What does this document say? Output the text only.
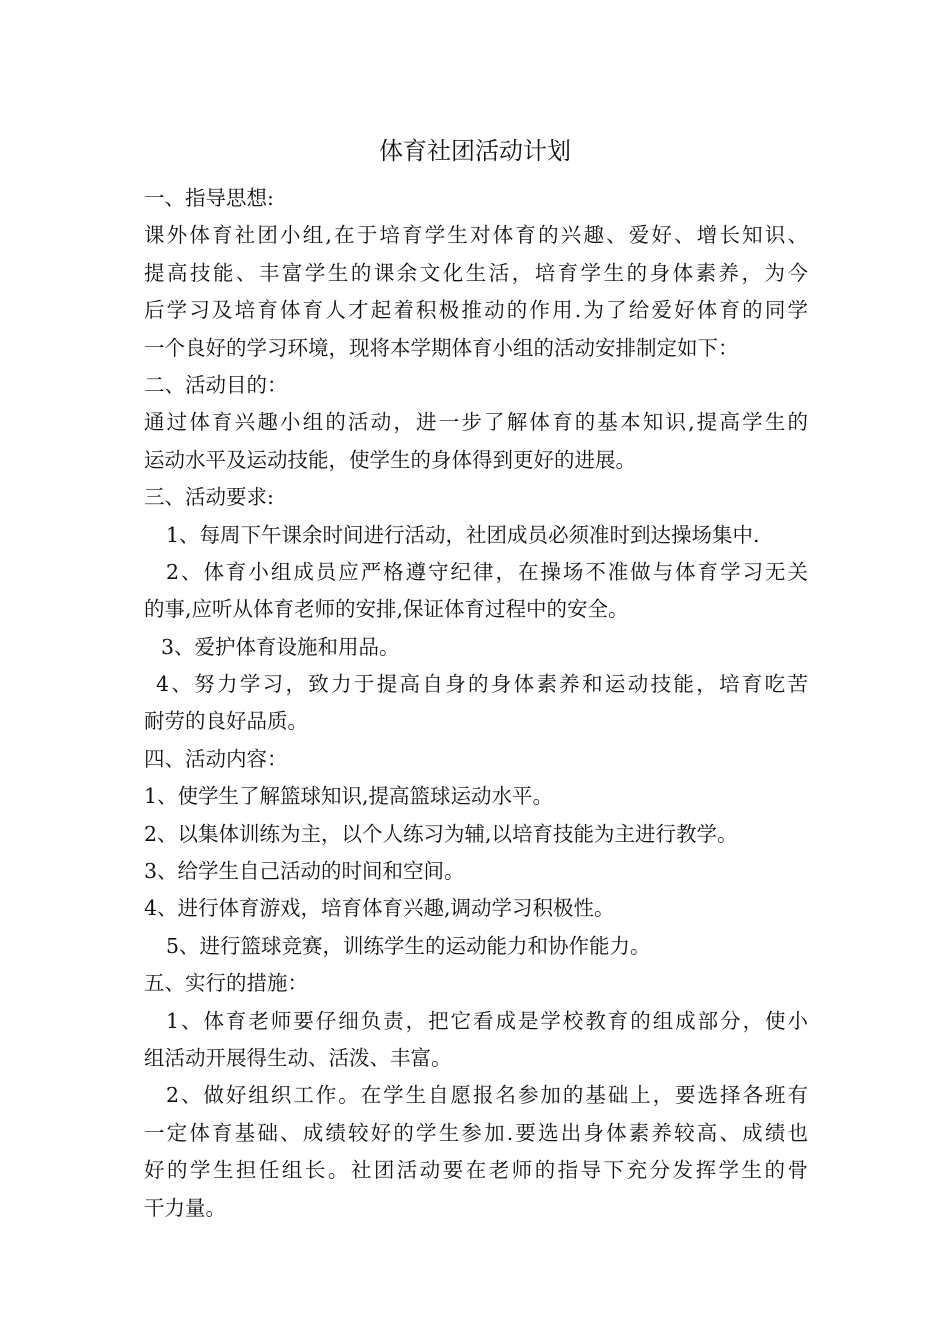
体育社团活动计划
一、指导思想:
课外体育社团小组,在于培育学生对体育的兴趣、爱好、增长知识、
提高技能、丰富学生的课余文化生活，培育学生的身体素养，为今
后学习及培育体育人才起着积极推动的作用.为了给爱好体育的同学
一个良好的学习环境，现将本学期体育小组的活动安排制定如下：
二、活动目的：
通过体育兴趣小组的活动，进一步了解体育的基本知识,提高学生的
运动水平及运动技能，使学生的身体得到更好的进展。
三、活动要求:
1、每周下午课余时间进行活动，社团成员必须准时到达操场集中.
2、体育小组成员应严格遵守纪律，在操场不准做与体育学习无关
的事,应听从体育老师的安排,保证体育过程中的安全。
3、爱护体育设施和用品。
4、努力学习，致力于提高自身的身体素养和运动技能，培育吃苦
耐劳的良好品质。
四、活动内容：
1、使学生了解篮球知识,提高篮球运动水平。
2、以集体训练为主，以个人练习为辅,以培育技能为主进行教学。
3、给学生自己活动的时间和空间。
4、进行体育游戏，培育体育兴趣,调动学习积极性。
5、进行篮球竞赛，训练学生的运动能力和协作能力。
五、实行的措施：
1、体育老师要仔细负责，把它看成是学校教育的组成部分，使小
组活动开展得生动、活泼、丰富。
2、做好组织工作。在学生自愿报名参加的基础上，要选择各班有
一定体育基础、成绩较好的学生参加.要选出身体素养较高、成绩也
好的学生担任组长。社团活动要在老师的指导下充分发挥学生的骨
干力量。
